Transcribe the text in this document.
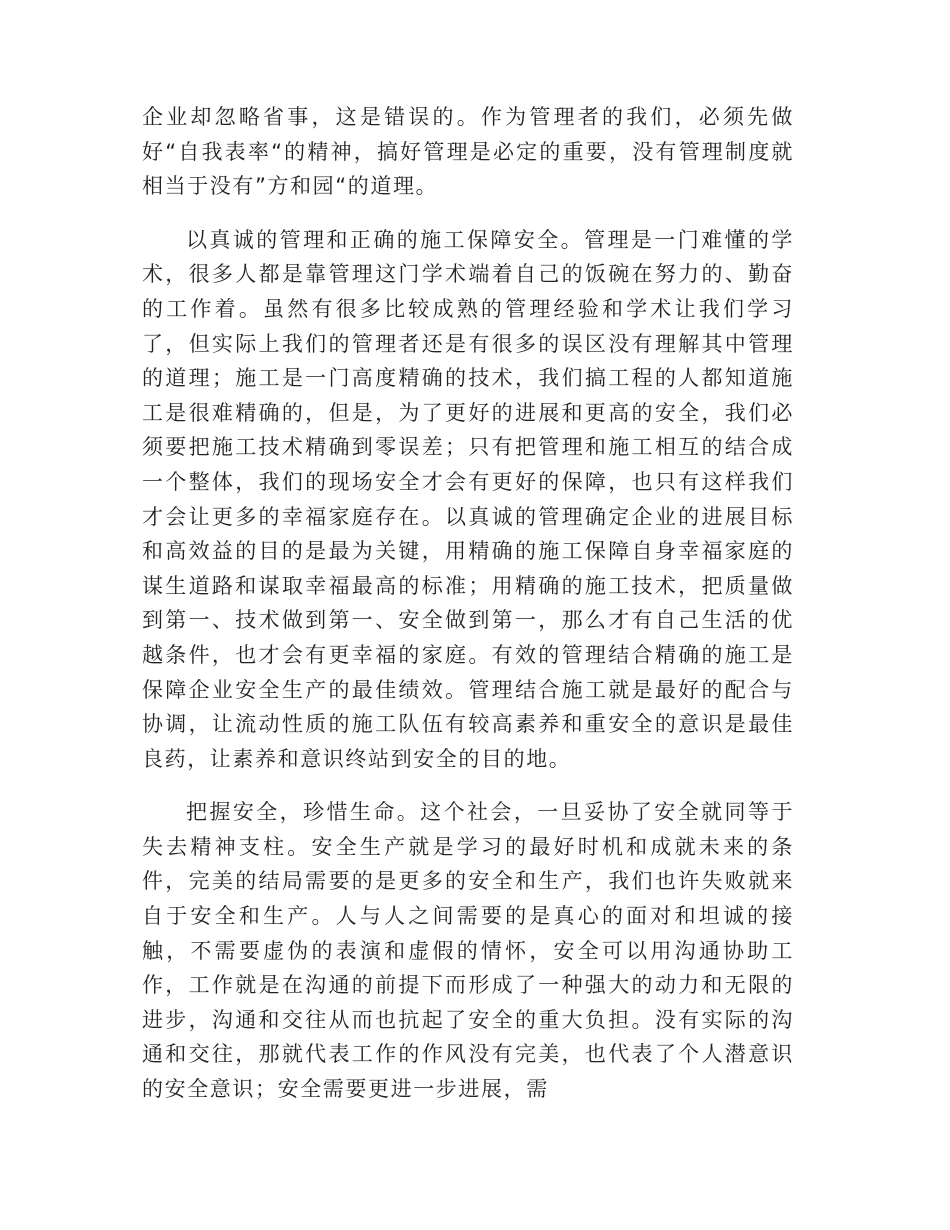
企业却忽略省事，这是错误的。作为管理者的我们，必须先做好“自我表率“的精神，搞好管理是必定的重要，没有管理制度就相当于没有”方和园“的道理。

以真诚的管理和正确的施工保障安全。管理是一门难懂的学术，很多人都是靠管理这门学术端着自己的饭碗在努力的、勤奋的工作着。虽然有很多比较成熟的管理经验和学术让我们学习了，但实际上我们的管理者还是有很多的误区没有理解其中管理的道理；施工是一门高度精确的技术，我们搞工程的人都知道施工是很难精确的，但是，为了更好的进展和更高的安全，我们必须要把施工技术精确到零误差；只有把管理和施工相互的结合成一个整体，我们的现场安全才会有更好的保障，也只有这样我们才会让更多的幸福家庭存在。以真诚的管理确定企业的进展目标和高效益的目的是最为关键，用精确的施工保障自身幸福家庭的谋生道路和谋取幸福最高的标准；用精确的施工技术，把质量做到第一、技术做到第一、安全做到第一，那么才有自己生活的优越条件，也才会有更幸福的家庭。有效的管理结合精确的施工是保障企业安全生产的最佳绩效。管理结合施工就是最好的配合与协调，让流动性质的施工队伍有较高素养和重安全的意识是最佳良药，让素养和意识终站到安全的目的地。

把握安全，珍惜生命。这个社会，一旦妥协了安全就同等于失去精神支柱。安全生产就是学习的最好时机和成就未来的条件，完美的结局需要的是更多的安全和生产，我们也许失败就来自于安全和生产。人与人之间需要的是真心的面对和坦诚的接触，不需要虚伪的表演和虚假的情怀，安全可以用沟通协助工作，工作就是在沟通的前提下而形成了一种强大的动力和无限的进步，沟通和交往从而也抗起了安全的重大负担。没有实际的沟通和交往，那就代表工作的作风没有完美，也代表了个人潜意识的安全意识；安全需要更进一步进展，需
